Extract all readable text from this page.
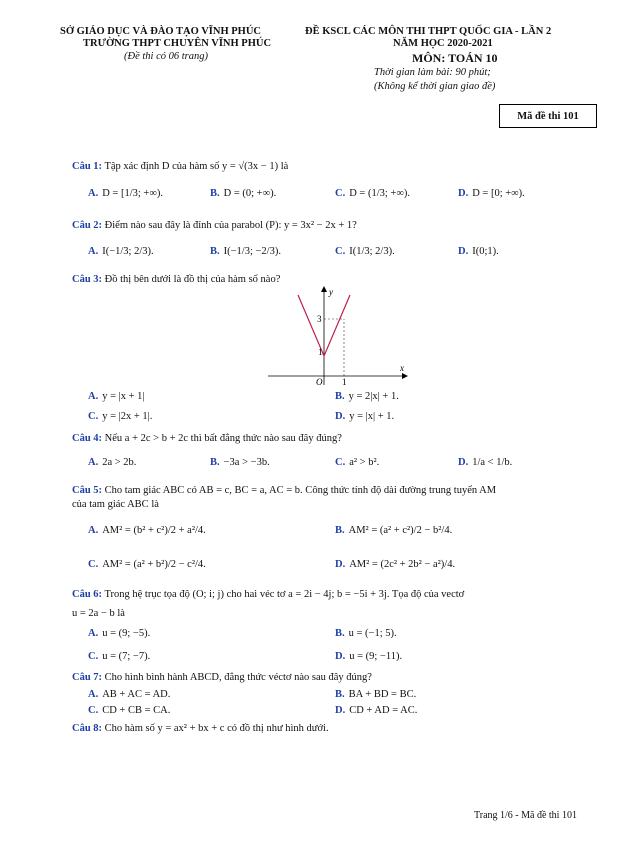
SỞ GIÁO DỤC VÀ ĐÀO TẠO VĨNH PHÚC
TRƯỜNG THPT CHUYÊN VĨNH PHÚC
(Đề thi có 06 trang)
ĐỀ KSCL CÁC MÔN THI THPT QUỐC GIA - LẦN 2
NĂM HỌC 2020-2021
MÔN: TOÁN 10
Thời gian làm bài: 90 phút;
(Không kể thời gian giao đề)
Mã đề thi 101
Câu 1: Tập xác định D của hàm số y = √(3x − 1) là
A. D = [1/3; +∞).	B. D = (0; +∞).	C. D = (1/3; +∞).	D. D = [0; +∞).
Câu 2: Điểm nào sau đây là đỉnh của parabol (P): y = 3x² − 2x + 1?
A. I(−1/3; 2/3).	B. I(−1/3; −2/3).	C. I(1/3; 2/3).	D. I(0;1).
Câu 3: Đồ thị bên dưới là đồ thị của hàm số nào?
y
x
O 1
3
1
A. y = |x + 1|	B. y = 2|x| + 1.
C. y = |2x + 1|.	D. y = |x| + 1.
Câu 4: Nếu a + 2c > b + 2c thì bất đẳng thức nào sau đây đúng?
A. 2a > 2b.	B. −3a > −3b.	C. a² > b².	D. 1/a < 1/b.
Câu 5: Cho tam giác ABC có AB = c, BC = a, AC = b. Công thức tính độ dài đường trung tuyến AM
của tam giác ABC là
A. AM² = (b² + c²)/2 + a²/4.	B. AM² = (a² + c²)/2 − b²/4.
C. AM² = (a² + b²)/2 − c²/4.	D. AM² = (2c² + 2b² − a²)/4.
Câu 6: Trong hệ trục tọa độ (O; i; j) cho hai véc tơ a = 2i − 4j; b = −5i + 3j. Tọa độ của vectơ
u = 2a − b là
A. u = (9; −5).	B. u = (−1; 5).
C. u = (7; −7).	D. u = (9; −11).
Câu 7: Cho hình bình hành ABCD, đẳng thức véctơ nào sau đây đúng?
A. AB + AC = AD.	B. BA + BD = BC.
C. CD + CB = CA.	D. CD + AD = AC.
Câu 8: Cho hàm số y = ax² + bx + c có đồ thị như hình dưới.
Trang 1/6 - Mã đề thi 101
